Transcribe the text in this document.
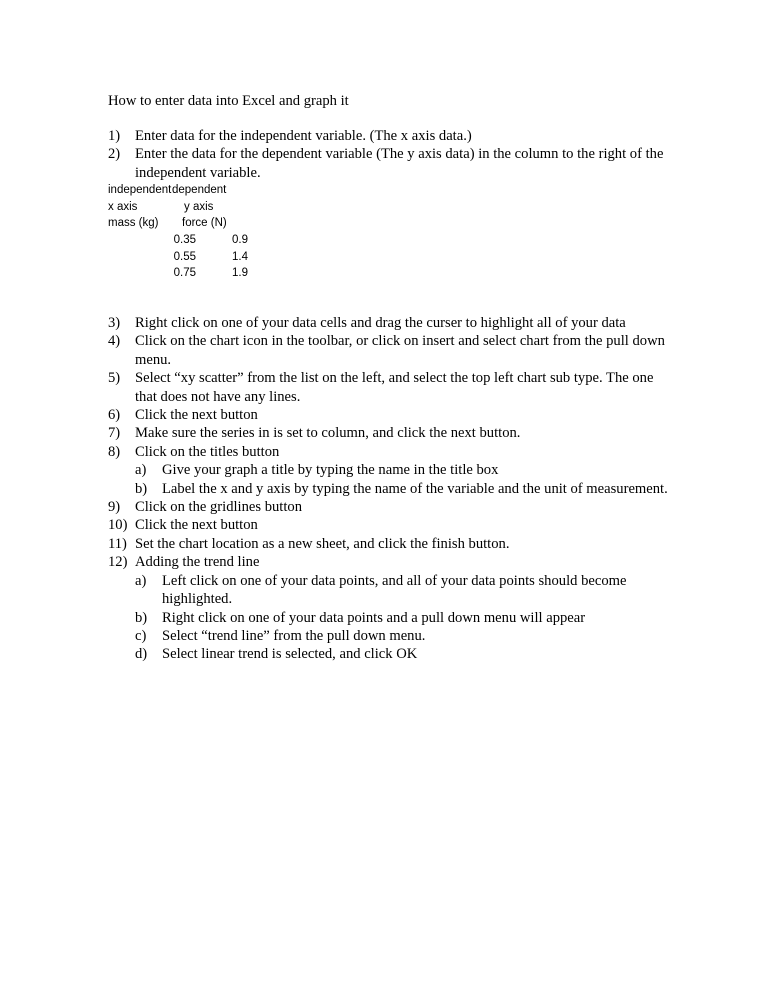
How to enter data into Excel and graph it
1) Enter data for the independent variable. (The x axis data.)
2) Enter the data for the dependent variable (The y axis data) in the column to the right of the independent variable.
independent dependent
x axis	y axis
mass (kg)	force (N)
0.35	0.9
0.55	1.4
0.75	1.9
3) Right click on one of your data cells and drag the curser to highlight all of your data
4) Click on the chart icon in the toolbar, or click on insert and select chart from the pull down menu.
5) Select “xy scatter” from the list on the left, and select the top left chart sub type. The one that does not have any lines.
6) Click the next button
7) Make sure the series in is set to column, and click the next button.
8) Click on the titles button
a) Give your graph a title by typing the name in the title box
b) Label the x and y axis by typing the name of the variable and the unit of measurement.
9) Click on the gridlines button
10) Click the next button
11) Set the chart location as a new sheet, and click the finish button.
12) Adding the trend line
a) Left click on one of your data points, and all of your data points should become highlighted.
b) Right click on one of your data points and a pull down menu will appear
c) Select “trend line” from the pull down menu.
d) Select linear trend is selected, and click OK
